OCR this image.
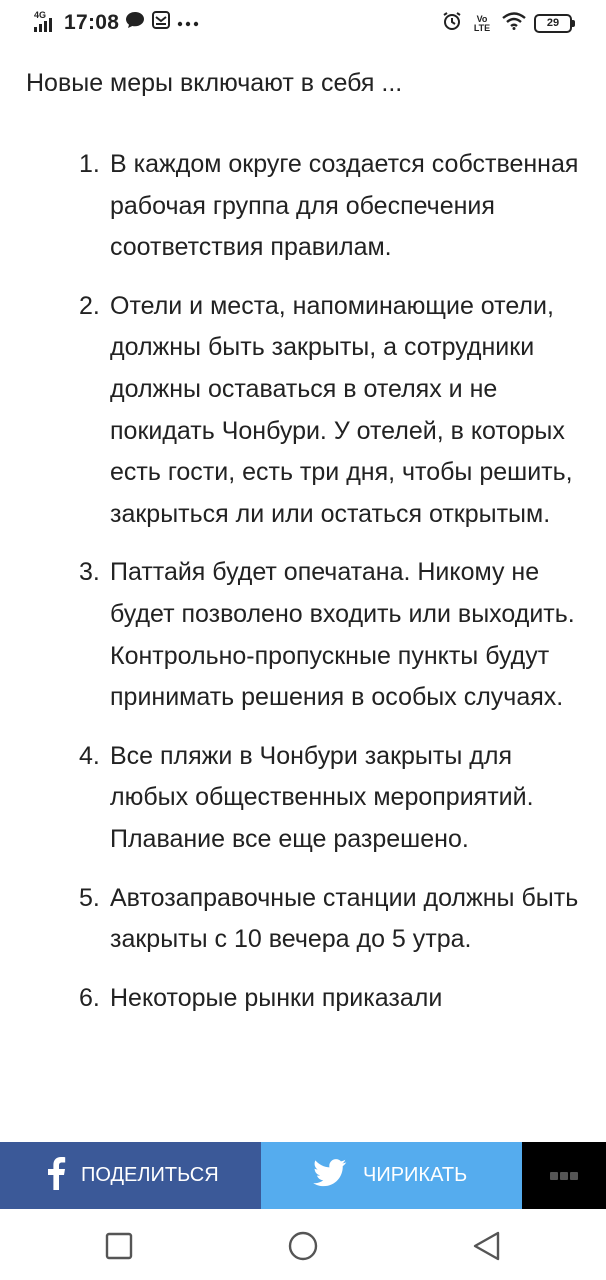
4G 17:08	Vo LTE	29

Новые меры включают в себя ...

1. В каждом округе создается собственная рабочая группа для обеспечения соответствия правилам.
2. Отели и места, напоминающие отели, должны быть закрыты, а сотрудники должны оставаться в отелях и не покидать Чонбури. У отелей, в которых есть гости, есть три дня, чтобы решить, закрыться ли или остаться открытым.
3. Паттайя будет опечатана. Никому не будет позволено входить или выходить. Контрольно-пропускные пункты будут принимать решения в особых случаях.
4. Все пляжи в Чонбури закрыты для любых общественных мероприятий. Плавание все еще разрешено.
5. Автозаправочные станции должны быть закрыты с 10 вечера до 5 утра.
6. Некоторые рынки приказали
ПОДЕЛИТЬСЯ	ЧИРИКАТЬ
